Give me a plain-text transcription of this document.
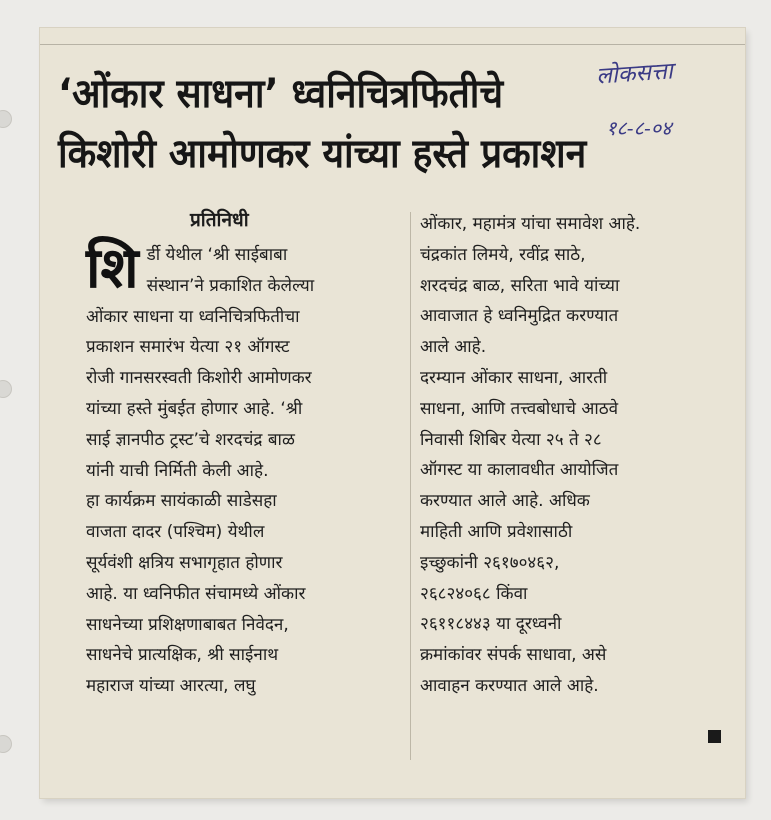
‘ओंकार साधना’ ध्वनिचित्रफितीचे
किशोरी आमोणकर यांच्या हस्ते प्रकाशन
लोकसत्ता
१८-८-०४

प्रतिनिधी

शि र्डी येथील ‘श्री साईबाबा
संस्थान’ने प्रकाशित केलेल्या
ओंकार साधना या ध्वनिचित्रफितीचा
प्रकाशन समारंभ येत्या २१ ऑगस्ट
रोजी गानसरस्वती किशोरी आमोणकर
यांच्या हस्ते मुंबईत होणार आहे. ‘श्री
साई ज्ञानपीठ ट्रस्ट’चे शरदचंद्र बाळ
यांनी याची निर्मिती केली आहे.

हा कार्यक्रम सायंकाळी साडेसहा
वाजता दादर (पश्चिम) येथील
सूर्यवंशी क्षत्रिय सभागृहात होणार
आहे. या ध्वनिफीत संचामध्ये ओंकार
साधनेच्या प्रशिक्षणाबाबत निवेदन,
साधनेचे प्रात्यक्षिक, श्री साईनाथ
महाराज यांच्या आरत्या, लघु

ओंकार, महामंत्र यांचा समावेश आहे.
चंद्रकांत लिमये, रवींद्र साठे,
शरदचंद्र बाळ, सरिता भावे यांच्या
आवाजात हे ध्वनिमुद्रित करण्यात
आले आहे.

दरम्यान ओंकार साधना, आरती
साधना, आणि तत्त्वबोधाचे आठवे
निवासी शिबिर येत्या २५ ते २८
ऑगस्ट या कालावधीत आयोजित
करण्यात आले आहे. अधिक
माहिती आणि प्रवेशासाठी
इच्छुकांनी २६१७०४६२,
२६८२४०६८ किंवा
२६११८४४३ या दूरध्वनी
क्रमांकांवर संपर्क साधावा, असे
आवाहन करण्यात आले आहे.
